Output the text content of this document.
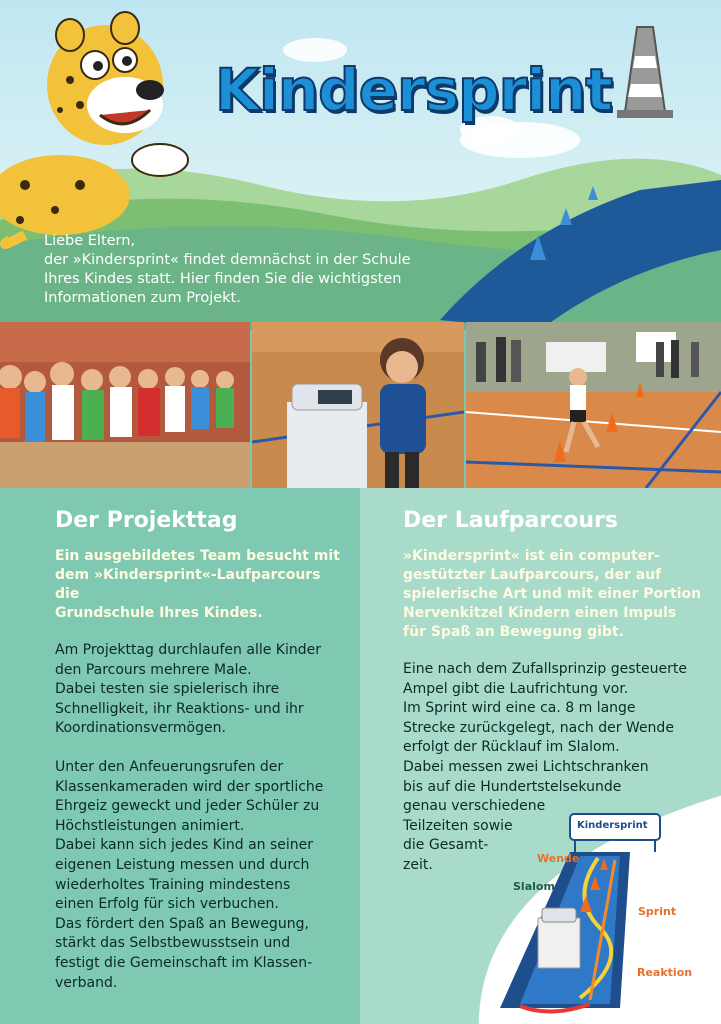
Kindersprint

Liebe Eltern,

der »Kindersprint« findet demnächst in der Schule

Ihres Kindes statt. Hier finden Sie die wichtigsten

Informationen zum Projekt.

Der Projekttag
Ein ausgebildetes Team besucht mit
dem »Kindersprint«-Laufparcours die
Grundschule Ihres Kindes.

Am Projekttag durchlaufen alle Kinder
den Parcours mehrere Male.
Dabei testen sie spielerisch ihre
Schnelligkeit, ihr Reaktions- und ihr
Koordinationsvermögen.

Unter den Anfeuerungsrufen der
Klassenkameraden wird der sportliche
Ehrgeiz geweckt und jeder Schüler zu
Höchstleistungen animiert.
Dabei kann sich jedes Kind an seiner
eigenen Leistung messen und durch
wiederholtes Training mindestens
einen Erfolg für sich verbuchen.
Das fördert den Spaß an Bewegung,
stärkt das Selbstbewusstsein und
festigt die Gemeinschaft im Klassen-
verband.

Der Laufparcours
»Kindersprint« ist ein computer-
gestützter Laufparcours, der auf
spielerische Art und mit einer Portion
Nervenkitzel Kindern einen Impuls
für Spaß an Bewegung gibt.

Eine nach dem Zufallsprinzip gesteuerte
Ampel gibt die Laufrichtung vor.
Im Sprint wird eine ca. 8 m lange
Strecke zurückgelegt, nach der Wende
erfolgt der Rücklauf im Slalom.
Dabei messen zwei Lichtschranken
bis auf die Hundertstelsekunde
genau verschiedene
Teilzeiten sowie
die Gesamt-
zeit.

Kindersprint
Wende
Slalom
Sprint
Reaktion
